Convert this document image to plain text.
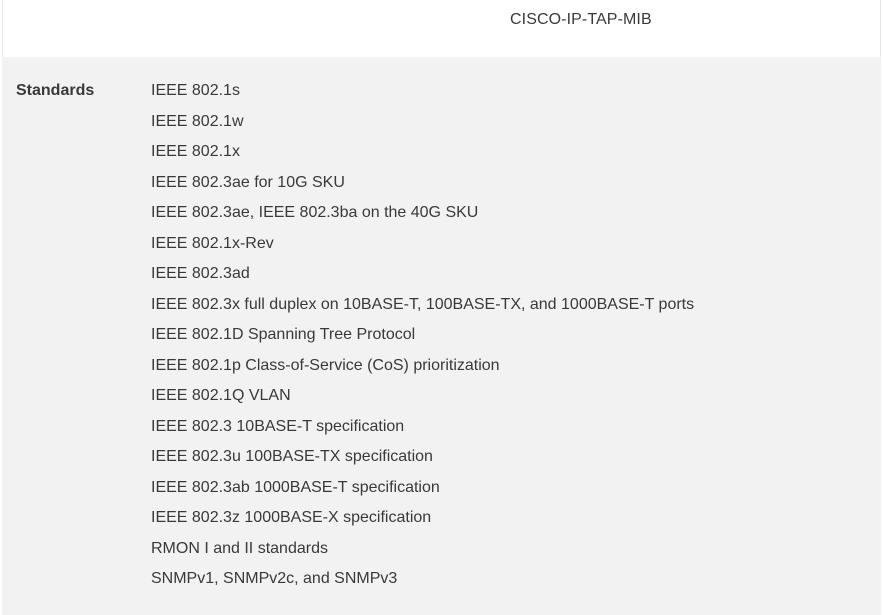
CISCO-IP-TAP-MIB
Standards	IEEE 802.1s
IEEE 802.1w
IEEE 802.1x
IEEE 802.3ae for 10G SKU
IEEE 802.3ae, IEEE 802.3ba on the 40G SKU
IEEE 802.1x-Rev
IEEE 802.3ad
IEEE 802.3x full duplex on 10BASE-T, 100BASE-TX, and 1000BASE-T ports
IEEE 802.1D Spanning Tree Protocol
IEEE 802.1p Class-of-Service (CoS) prioritization
IEEE 802.1Q VLAN
IEEE 802.3 10BASE-T specification
IEEE 802.3u 100BASE-TX specification
IEEE 802.3ab 1000BASE-T specification
IEEE 802.3z 1000BASE-X specification
RMON I and II standards
SNMPv1, SNMPv2c, and SNMPv3
